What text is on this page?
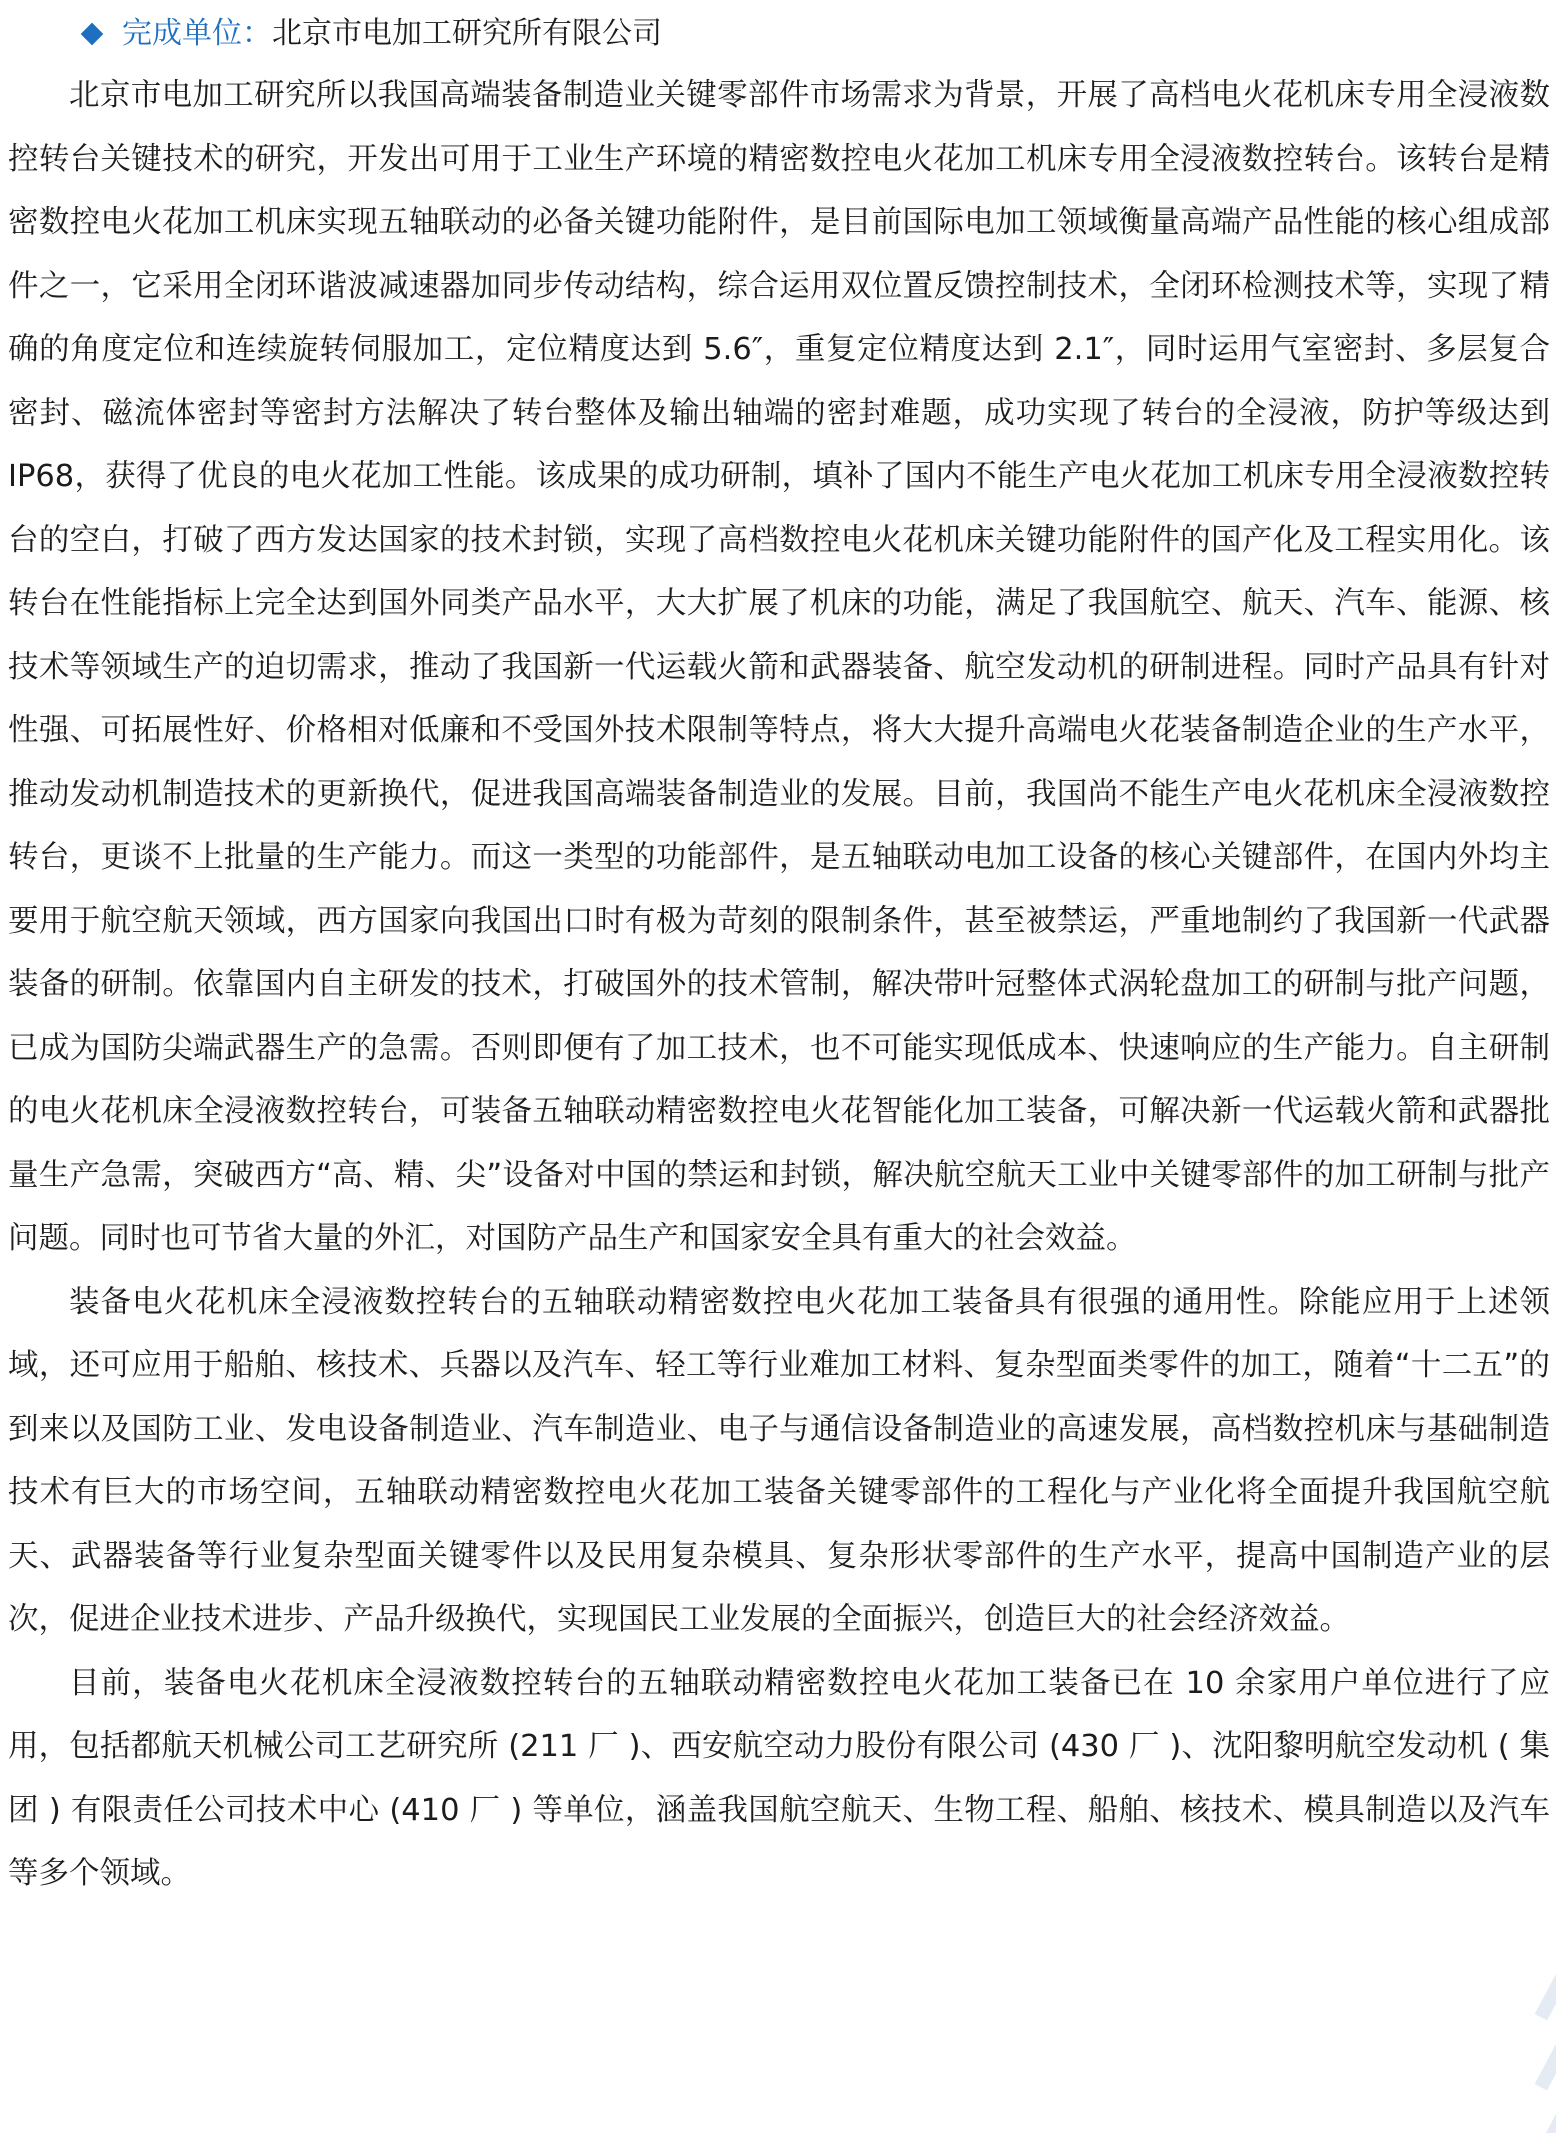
完成单位： 北京市电加工研究所有限公司

北京市电加工研究所以我国高端装备制造业关键零部件市场需求为背景，开展了高档电火花机床专用全浸液数控转台关键技术的研究，开发出可用于工业生产环境的精密数控电火花加工机床专用全浸液数控转台。该转台是精密数控电火花加工机床实现五轴联动的必备关键功能附件，是目前国际电加工领域衡量高端产品性能的核心组成部件之一，它采用全闭环谐波减速器加同步传动结构，综合运用双位置反馈控制技术，全闭环检测技术等，实现了精确的角度定位和连续旋转伺服加工，定位精度达到 5.6″，重复定位精度达到 2.1″，同时运用气室密封、多层复合密封、磁流体密封等密封方法解决了转台整体及输出轴端的密封难题，成功实现了转台的全浸液，防护等级达到 IP68，获得了优良的电火花加工性能。该成果的成功研制，填补了国内不能生产电火花加工机床专用全浸液数控转台的空白，打破了西方发达国家的技术封锁，实现了高档数控电火花机床关键功能附件的国产化及工程实用化。该转台在性能指标上完全达到国外同类产品水平，大大扩展了机床的功能，满足了我国航空、航天、汽车、能源、核技术等领域生产的迫切需求，推动了我国新一代运载火箭和武器装备、航空发动机的研制进程。同时产品具有针对性强、可拓展性好、价格相对低廉和不受国外技术限制等特点，将大大提升高端电火花装备制造企业的生产水平，推动发动机制造技术的更新换代，促进我国高端装备制造业的发展。目前，我国尚不能生产电火花机床全浸液数控转台，更谈不上批量的生产能力。而这一类型的功能部件，是五轴联动电加工设备的核心关键部件，在国内外均主要用于航空航天领域，西方国家向我国出口时有极为苛刻的限制条件，甚至被禁运，严重地制约了我国新一代武器装备的研制。依靠国内自主研发的技术，打破国外的技术管制，解决带叶冠整体式涡轮盘加工的研制与批产问题，已成为国防尖端武器生产的急需。否则即便有了加工技术，也不可能实现低成本、快速响应的生产能力。自主研制的电火花机床全浸液数控转台，可装备五轴联动精密数控电火花智能化加工装备，可解决新一代运载火箭和武器批量生产急需，突破西方“高、精、尖”设备对中国的禁运和封锁，解决航空航天工业中关键零部件的加工研制与批产问题。同时也可节省大量的外汇，对国防产品生产和国家安全具有重大的社会效益。

装备电火花机床全浸液数控转台的五轴联动精密数控电火花加工装备具有很强的通用性。除能应用于上述领域，还可应用于船舶、核技术、兵器以及汽车、轻工等行业难加工材料、复杂型面类零件的加工，随着“十二五”的到来以及国防工业、发电设备制造业、汽车制造业、电子与通信设备制造业的高速发展，高档数控机床与基础制造技术有巨大的市场空间，五轴联动精密数控电火花加工装备关键零部件的工程化与产业化将全面提升我国航空航天、武器装备等行业复杂型面关键零件以及民用复杂模具、复杂形状零部件的生产水平，提高中国制造产业的层次，促进企业技术进步、产品升级换代，实现国民工业发展的全面振兴，创造巨大的社会经济效益。

目前，装备电火花机床全浸液数控转台的五轴联动精密数控电火花加工装备已在 10 余家用户单位进行了应用，包括都航天机械公司工艺研究所 (211 厂 )、西安航空动力股份有限公司 (430 厂 )、沈阳黎明航空发动机 ( 集团 ) 有限责任公司技术中心 (410 厂 ) 等单位，涵盖我国航空航天、生物工程、船舶、核技术、模具制造以及汽车等多个领域。
